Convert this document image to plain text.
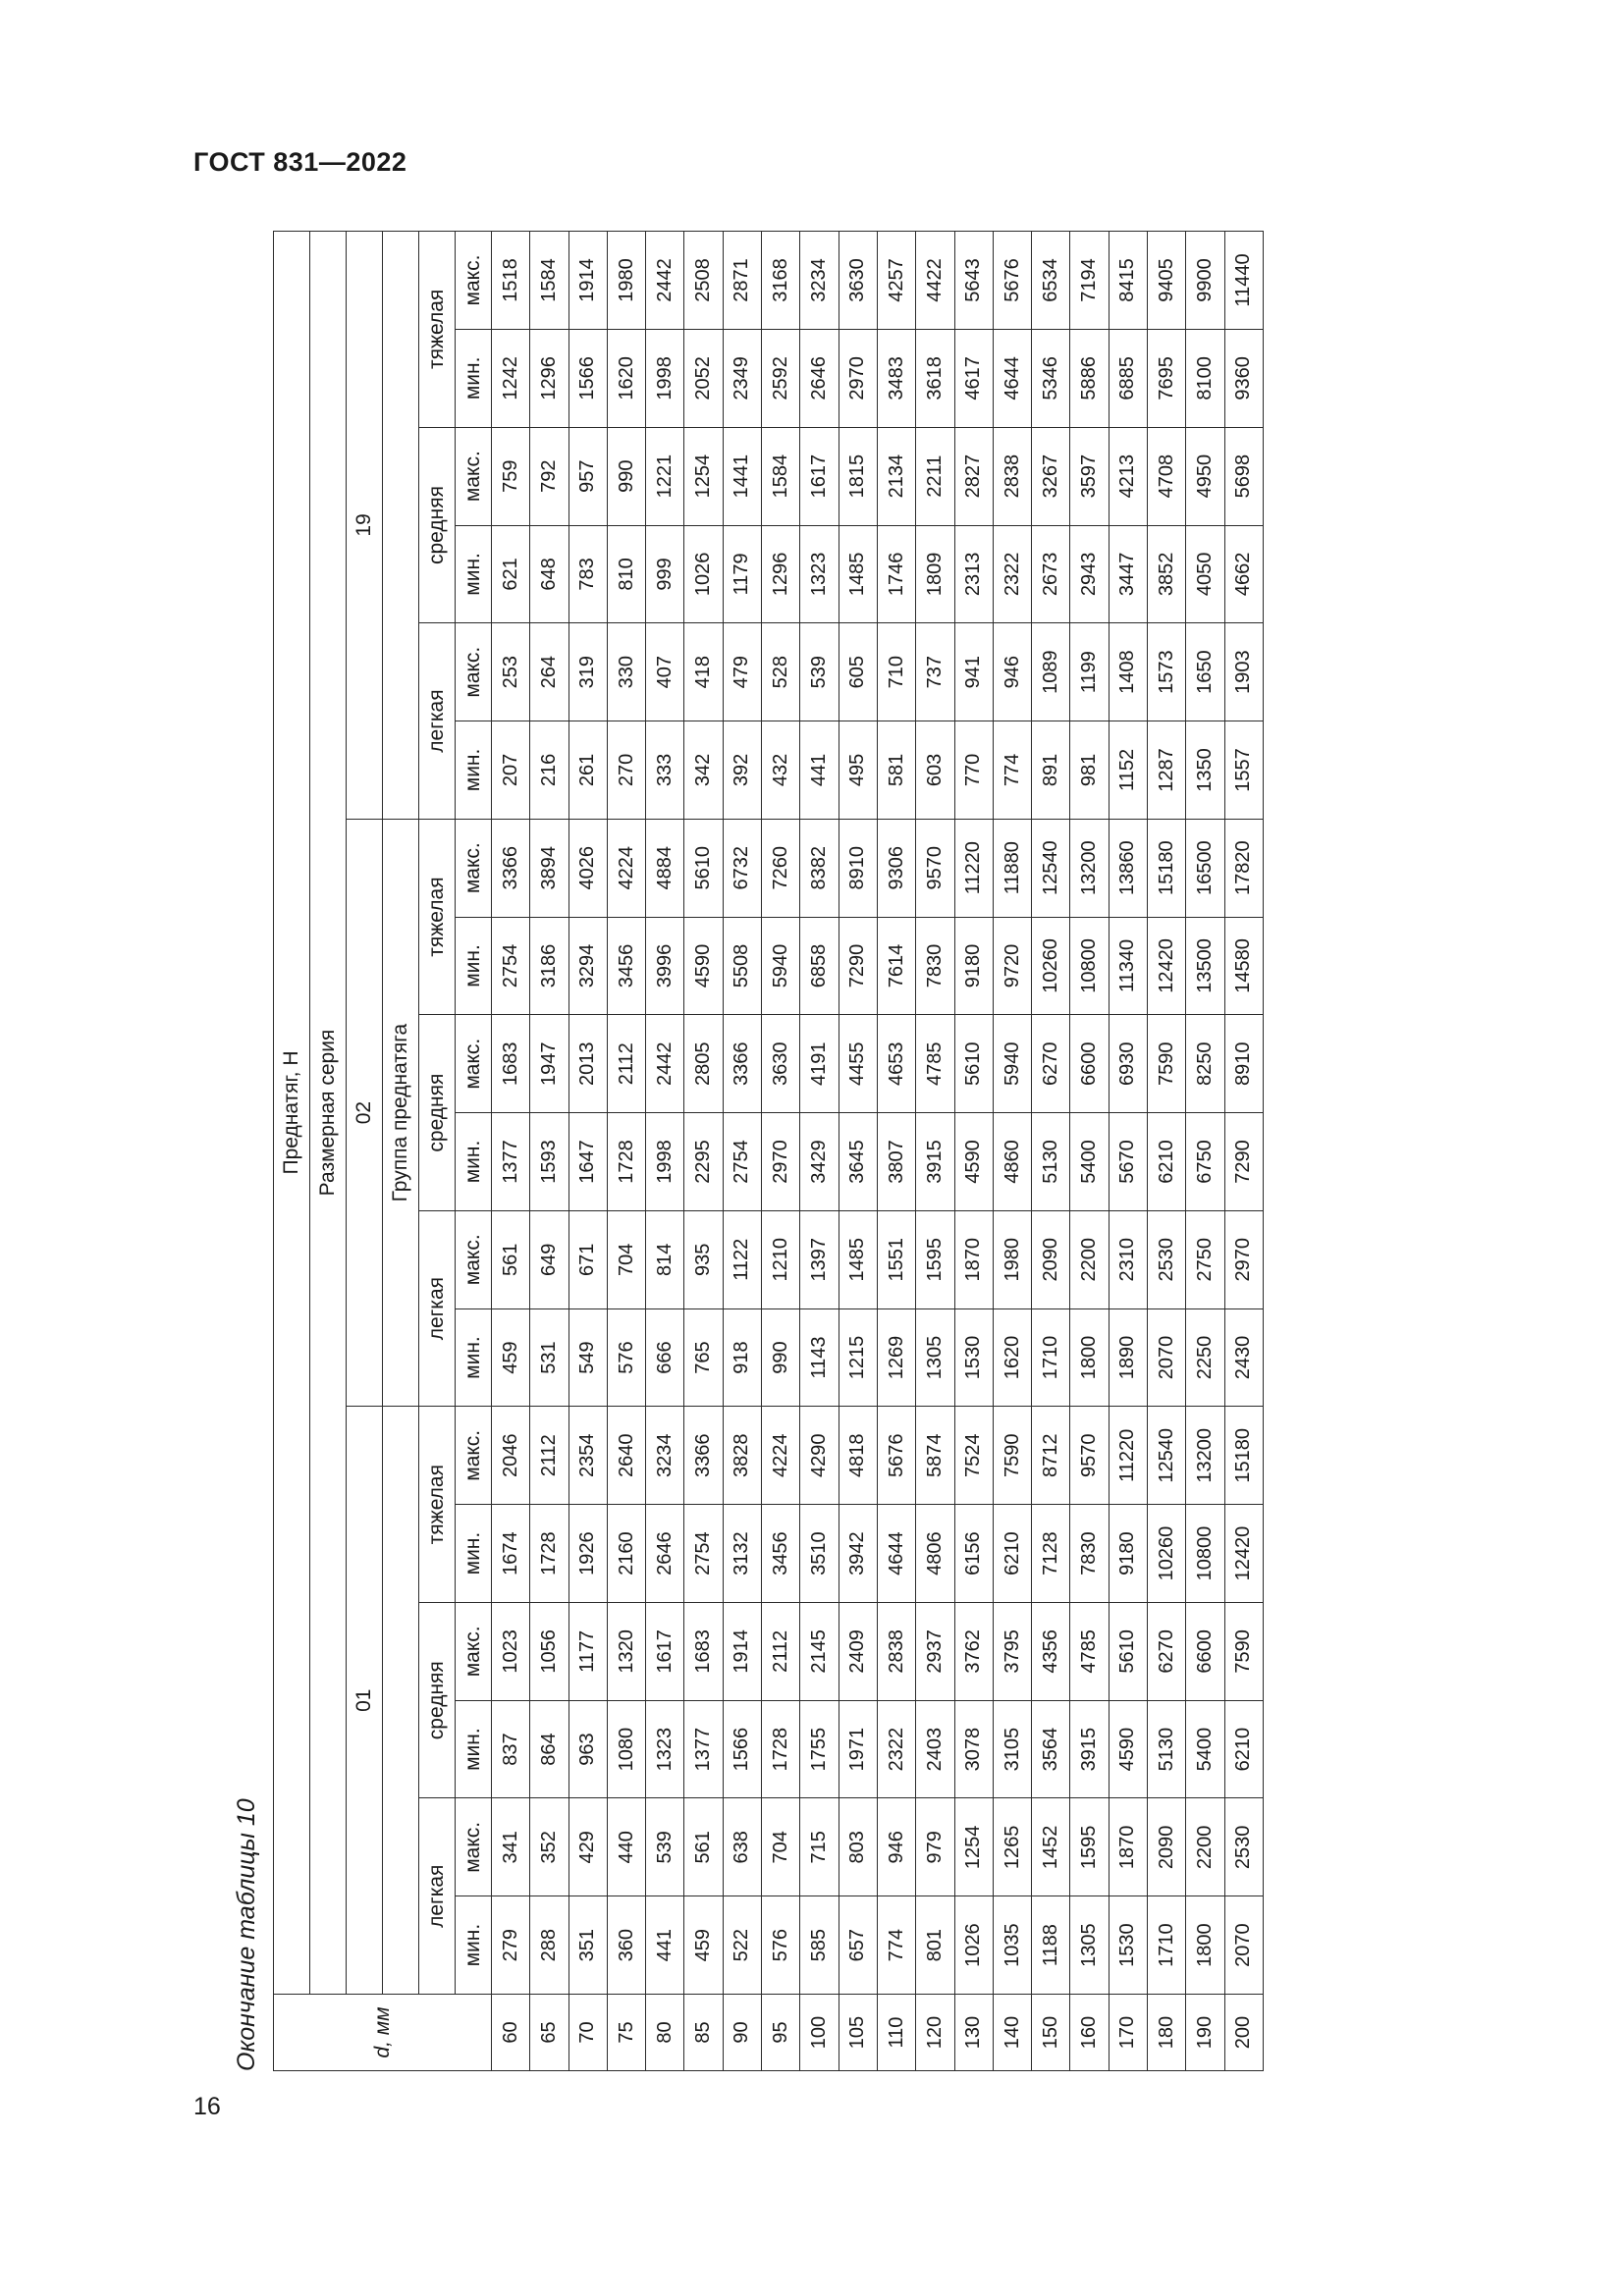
ГОСТ 831—2022
16
Окончание таблицы 10	d, мм	Преднатяг, Н																	
	Размерная серия																	
	01						02						19					
							Группа преднатяга											
	легкая		средняя		тяжелая		легкая		средняя		тяжелая		легкая		средняя		тяжелая	
	мин.	макс.	мин.	макс.	мин.	макс.	мин.	макс.	мин.	макс.	мин.	макс.	мин.	макс.	мин.	макс.	мин.	макс.
60	279	341	837	1023	1674	2046	459	561	1377	1683	2754	3366	207	253	621	759	1242	1518
65	288	352	864	1056	1728	2112	531	649	1593	1947	3186	3894	216	264	648	792	1296	1584
70	351	429	963	1177	1926	2354	549	671	1647	2013	3294	4026	261	319	783	957	1566	1914
75	360	440	1080	1320	2160	2640	576	704	1728	2112	3456	4224	270	330	810	990	1620	1980
80	441	539	1323	1617	2646	3234	666	814	1998	2442	3996	4884	333	407	999	1221	1998	2442
85	459	561	1377	1683	2754	3366	765	935	2295	2805	4590	5610	342	418	1026	1254	2052	2508
90	522	638	1566	1914	3132	3828	918	1122	2754	3366	5508	6732	392	479	1179	1441	2349	2871
95	576	704	1728	2112	3456	4224	990	1210	2970	3630	5940	7260	432	528	1296	1584	2592	3168
100	585	715	1755	2145	3510	4290	1143	1397	3429	4191	6858	8382	441	539	1323	1617	2646	3234
105	657	803	1971	2409	3942	4818	1215	1485	3645	4455	7290	8910	495	605	1485	1815	2970	3630
110	774	946	2322	2838	4644	5676	1269	1551	3807	4653	7614	9306	581	710	1746	2134	3483	4257
120	801	979	2403	2937	4806	5874	1305	1595	3915	4785	7830	9570	603	737	1809	2211	3618	4422
130	1026	1254	3078	3762	6156	7524	1530	1870	4590	5610	9180	11220	770	941	2313	2827	4617	5643
140	1035	1265	3105	3795	6210	7590	1620	1980	4860	5940	9720	11880	774	946	2322	2838	4644	5676
150	1188	1452	3564	4356	7128	8712	1710	2090	5130	6270	10260	12540	891	1089	2673	3267	5346	6534
160	1305	1595	3915	4785	7830	9570	1800	2200	5400	6600	10800	13200	981	1199	2943	3597	5886	7194
170	1530	1870	4590	5610	9180	11220	1890	2310	5670	6930	11340	13860	1152	1408	3447	4213	6885	8415
180	1710	2090	5130	6270	10260	12540	2070	2530	6210	7590	12420	15180	1287	1573	3852	4708	7695	9405
190	1800	2200	5400	6600	10800	13200	2250	2750	6750	8250	13500	16500	1350	1650	4050	4950	8100	9900
200	2070	2530	6210	7590	12420	15180	2430	2970	7290	8910	14580	17820	1557	1903	4662	5698	9360	11440
